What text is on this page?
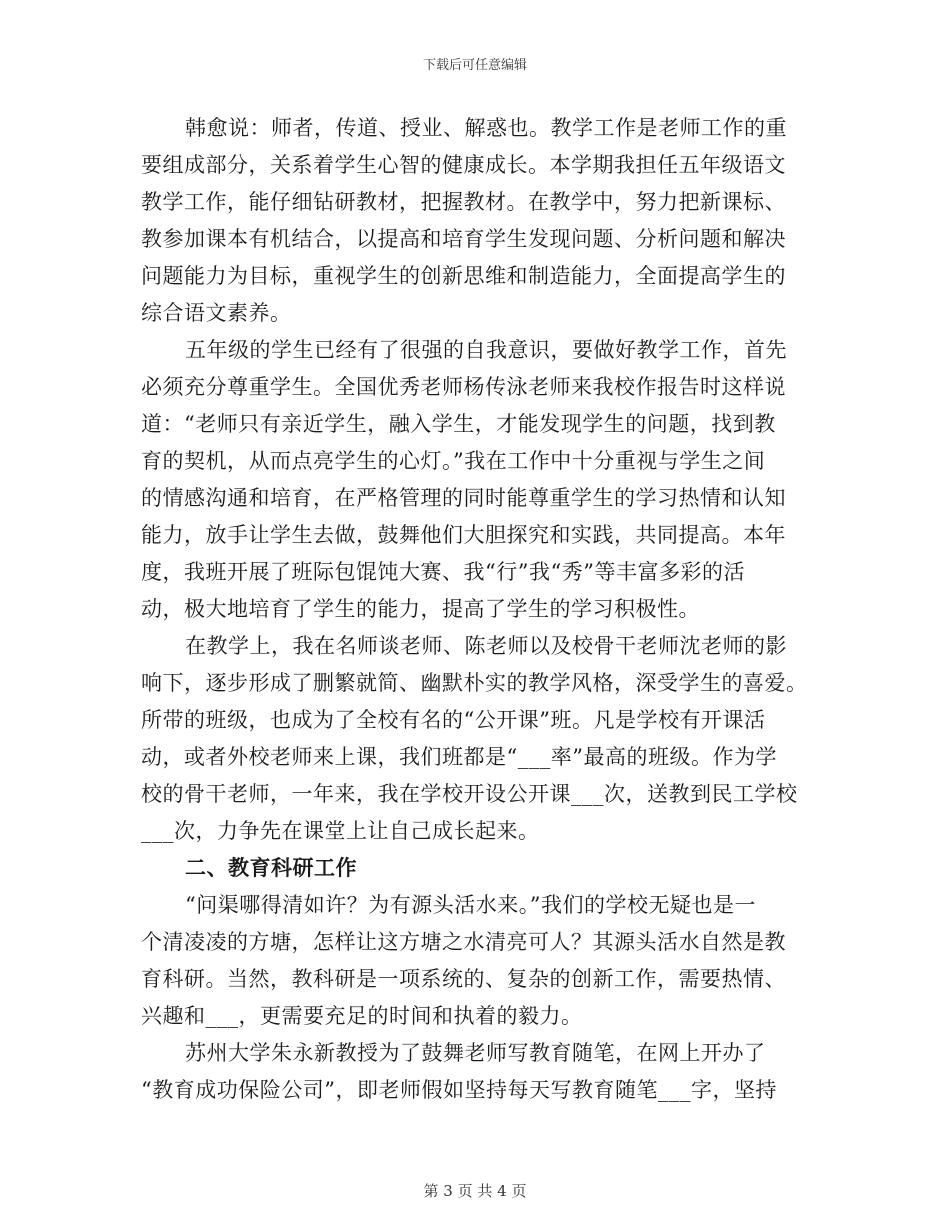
下载后可任意编辑
韩愈说：师者，传道、授业、解惑也。教学工作是老师工作的重
要组成部分，关系着学生心智的健康成长。本学期我担任五年级语文
教学工作，能仔细钻研教材，把握教材。在教学中，努力把新课标、
教参加课本有机结合，以提高和培育学生发现问题、分析问题和解决
问题能力为目标，重视学生的创新思维和制造能力，全面提高学生的
综合语文素养。
五年级的学生已经有了很强的自我意识，要做好教学工作，首先
必须充分尊重学生。全国优秀老师杨传泳老师来我校作报告时这样说
道：“老师只有亲近学生，融入学生，才能发现学生的问题，找到教
育的契机，从而点亮学生的心灯。”我在工作中十分重视与学生之间
的情感沟通和培育，在严格管理的同时能尊重学生的学习热情和认知
能力，放手让学生去做，鼓舞他们大胆探究和实践，共同提高。本年
度，我班开展了班际包馄饨大赛、我“行”我“秀”等丰富多彩的活
动，极大地培育了学生的能力，提高了学生的学习积极性。
在教学上，我在名师谈老师、陈老师以及校骨干老师沈老师的影
响下，逐步形成了删繁就简、幽默朴实的教学风格，深受学生的喜爱。
所带的班级，也成为了全校有名的“公开课”班。凡是学校有开课活
动，或者外校老师来上课，我们班都是“___率”最高的班级。作为学
校的骨干老师，一年来，我在学校开设公开课___次，送教到民工学校
___次，力争先在课堂上让自己成长起来。
二、教育科研工作
“问渠哪得清如许？为有源头活水来。”我们的学校无疑也是一
个清凌凌的方塘，怎样让这方塘之水清亮可人？其源头活水自然是教
育科研。当然，教科研是一项系统的、复杂的创新工作，需要热情、
兴趣和___，更需要充足的时间和执着的毅力。
苏州大学朱永新教授为了鼓舞老师写教育随笔，在网上开办了
“教育成功保险公司”，即老师假如坚持每天写教育随笔___字，坚持
第 3 页 共 4 页
